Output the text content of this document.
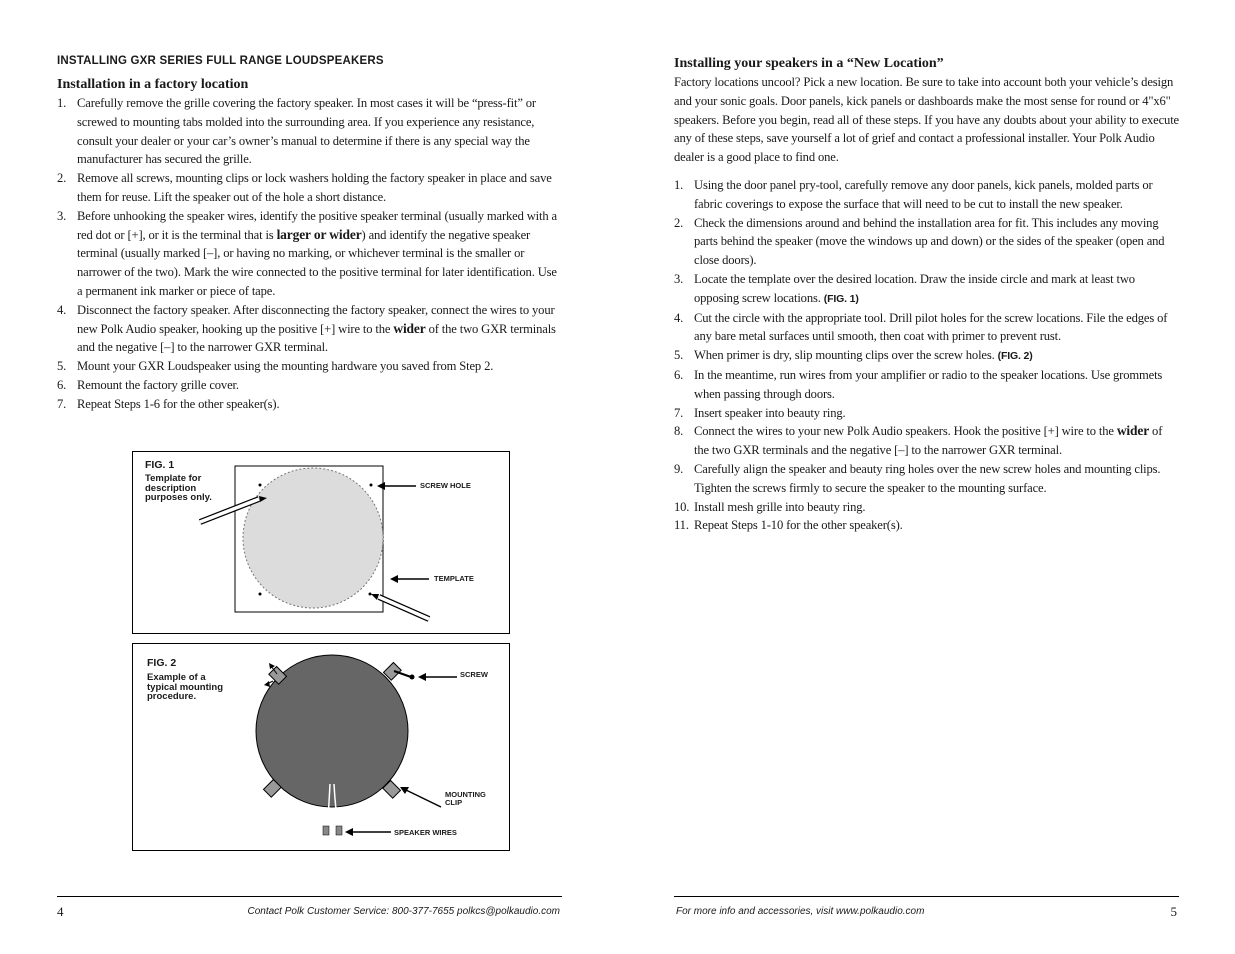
INSTALLING GXR SERIES FULL RANGE LOUDSPEAKERS
Installation in a factory location
1. Carefully remove the grille covering the factory speaker. In most cases it will be “press-fit” or screwed to mounting tabs molded into the surrounding area. If you experience any resistance, consult your dealer or your car’s owner’s manual to determine if there is any special way the manufacturer has secured the grille.
2. Remove all screws, mounting clips or lock washers holding the factory speaker in place and save them for reuse. Lift the speaker out of the hole a short distance.
3. Before unhooking the speaker wires, identify the positive speaker terminal (usually marked with a red dot or [+], or it is the terminal that is larger or wider) and identify the negative speaker terminal (usually marked [–], or having no marking, or whichever terminal is the smaller or narrower of the two). Mark the wire connected to the positive terminal for later identification. Use a permanent ink marker or piece of tape.
4. Disconnect the factory speaker. After disconnecting the factory speaker, connect the wires to your new Polk Audio speaker, hooking up the positive [+] wire to the wider of the two GXR terminals and the negative [–] to the narrower GXR terminal.
5. Mount your GXR Loudspeaker using the mounting hardware you saved from Step 2.
6. Remount the factory grille cover.
7. Repeat Steps 1-6 for the other speaker(s).
FIG. 1
Template for
description
purposes only.
SCREW HOLE
TEMPLATE
FIG. 2
Example of a
typical mounting
procedure.
SCREW
MOUNTING
CLIP
SPEAKER WIRES
4	Contact Polk Customer Service: 800-377-7655 polkcs@polkaudio.com
Installing your speakers in a “New Location”
Factory locations uncool? Pick a new location. Be sure to take into account both your vehicle’s design and your sonic goals. Door panels, kick panels or dashboards make the most sense for round or 4"x6" speakers. Before you begin, read all of these steps. If you have any doubts about your ability to execute any of these steps, save yourself a lot of grief and contact a professional installer. Your Polk Audio dealer is a good place to find one.
1. Using the door panel pry-tool, carefully remove any door panels, kick panels, molded parts or fabric coverings to expose the surface that will need to be cut to install the new speaker.
2. Check the dimensions around and behind the installation area for fit. This includes any moving parts behind the speaker (move the windows up and down) or the sides of the speaker (open and close doors).
3. Locate the template over the desired location. Draw the inside circle and mark at least two opposing screw locations. (FIG. 1)
4. Cut the circle with the appropriate tool. Drill pilot holes for the screw locations. File the edges of any bare metal surfaces until smooth, then coat with primer to prevent rust.
5. When primer is dry, slip mounting clips over the screw holes. (FIG. 2)
6. In the meantime, run wires from your amplifier or radio to the speaker locations. Use grommets when passing through doors.
7. Insert speaker into beauty ring.
8. Connect the wires to your new Polk Audio speakers. Hook the positive [+] wire to the wider of the two GXR terminals and the negative [–] to the narrower GXR terminal.
9. Carefully align the speaker and beauty ring holes over the new screw holes and mounting clips. Tighten the screws firmly to secure the speaker to the mounting surface.
10. Install mesh grille into beauty ring.
11. Repeat Steps 1-10 for the other speaker(s).
For more info and accessories, visit www.polkaudio.com	5
